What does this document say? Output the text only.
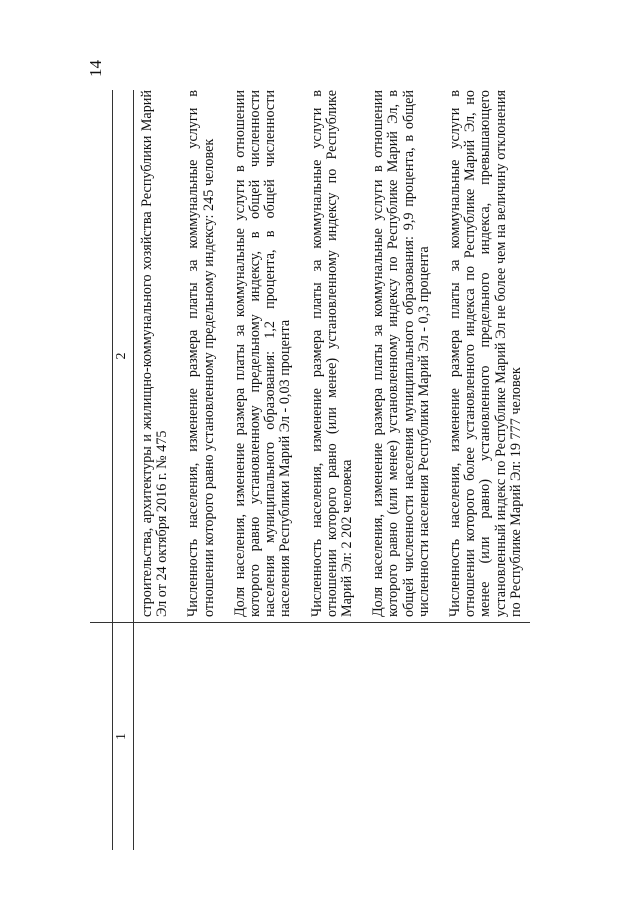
14
1
2 строительства, архитектуры и жилищно-коммунального хозяйства Республики Марий Эл от 24 октября 2016 г. № 475 Численность населения, изменение размера платы за коммунальные услуги в отношении которого равно установленному предельному индексу: 245 человек Доля населения, изменение размера платы за коммунальные услуги в отношении которого равно установленному предельному индексу, в общей численности населения муниципального образования: 1,2 процента, в общей численности населения Республики Марий Эл - 0,03 процента Численность населения, изменение размера платы за коммунальные услуги в отношении которого равно (или менее) установленному индексу по Республике Марий Эл: 2 202 человека Доля населения, изменение размера платы за коммунальные услуги в отношении которого равно (или менее) установленному индексу по Республике Марий Эл, в общей численности населения муниципального образования: 9,9 процента, в общей численности населения Республики Марий Эл - 0,3 процента Численность населения, изменение размера платы за коммунальные услуги в отношении которого более установленного индекса по Республике Марий Эл, но менее (или равно) установленного предельного индекса, превышающего установленный индекс по Республике Марий Эл не более чем на величину отклонения по Республике Марий Эл: 19 777 человек
